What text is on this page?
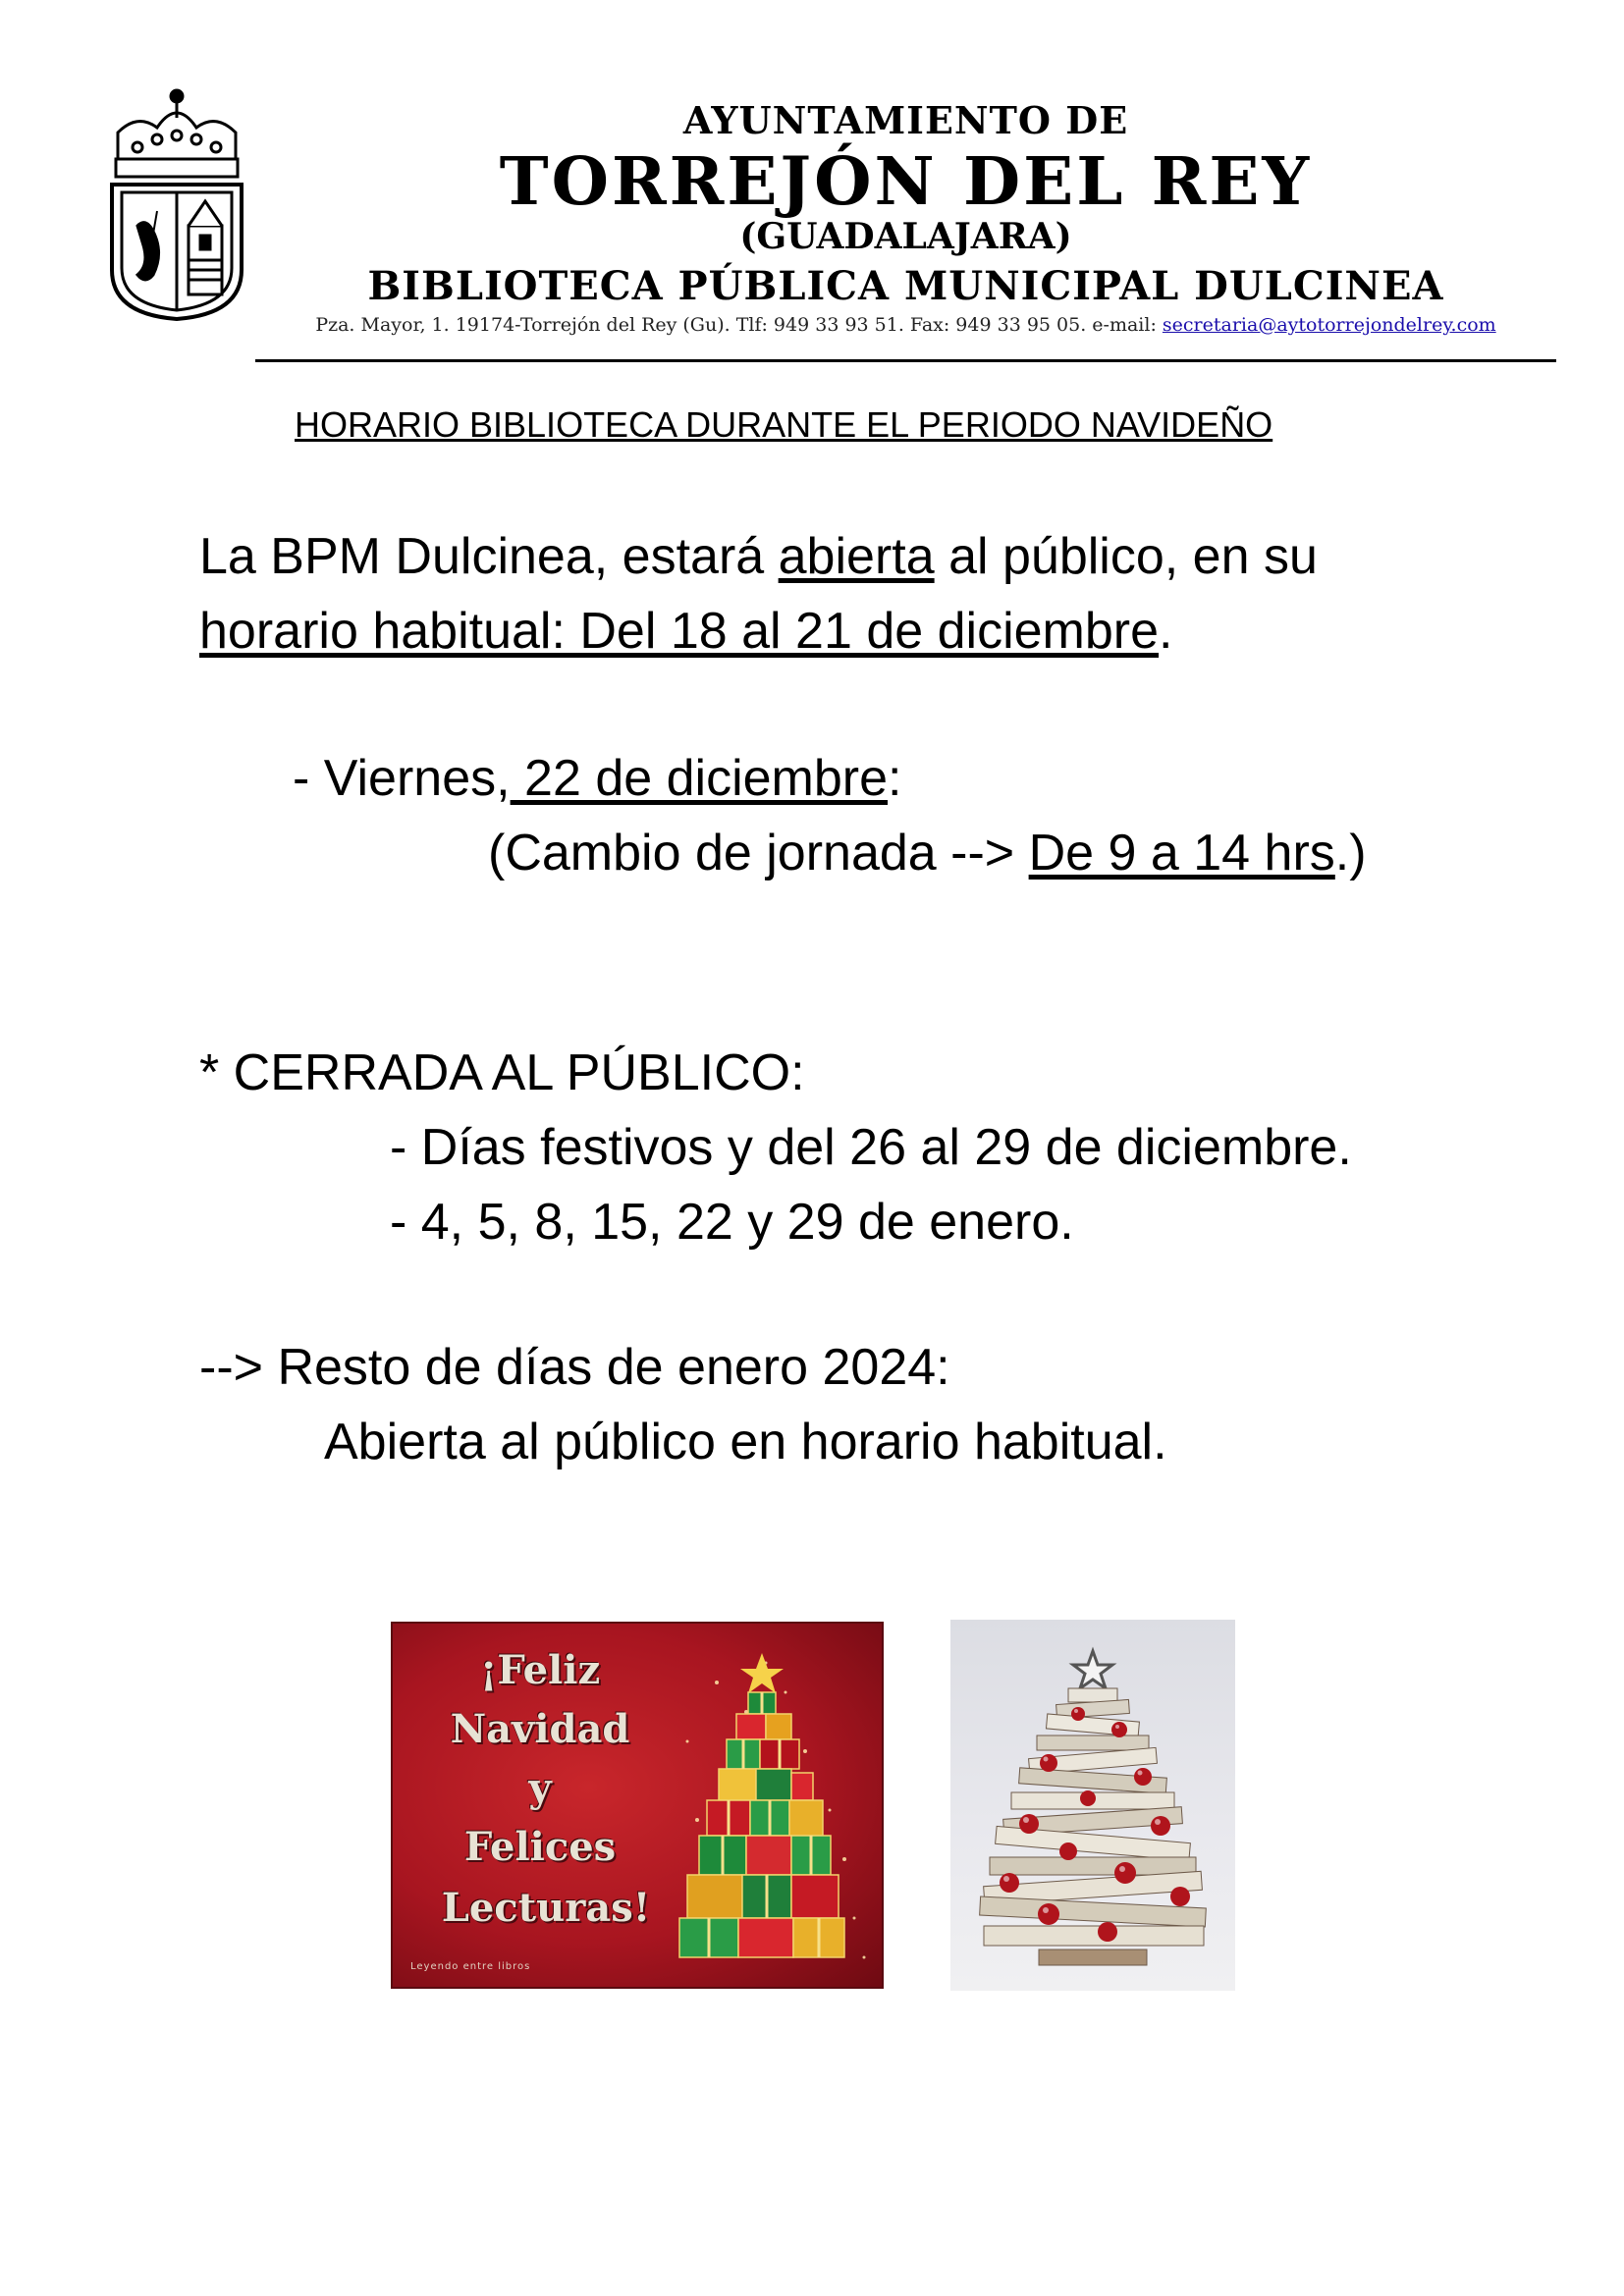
AYUNTAMIENTO DE
TORREJÓN DEL REY
(GUADALAJARA)
BIBLIOTECA PÚBLICA MUNICIPAL DULCINEA
Pza. Mayor, 1. 19174-Torrejón del Rey (Gu). Tlf: 949 33 93 51. Fax: 949 33 95 05. e-mail: secretaria@aytotorrejondelrey.com
HORARIO BIBLIOTECA DURANTE EL PERIODO NAVIDEÑO
La BPM Dulcinea, estará abierta al público, en su
horario habitual: Del 18 al 21 de diciembre.
- Viernes, 22 de diciembre:
(Cambio de jornada --> De 9 a 14 hrs.)
* CERRADA AL PÚBLICO:
- Días festivos y del 26 al 29 de diciembre.
- 4, 5, 8, 15, 22 y 29 de enero.
--> Resto de días de enero 2024:
Abierta al público en horario habitual.
¡Feliz
Navidad
y
Felices
Lecturas!
Leyendo entre libros
